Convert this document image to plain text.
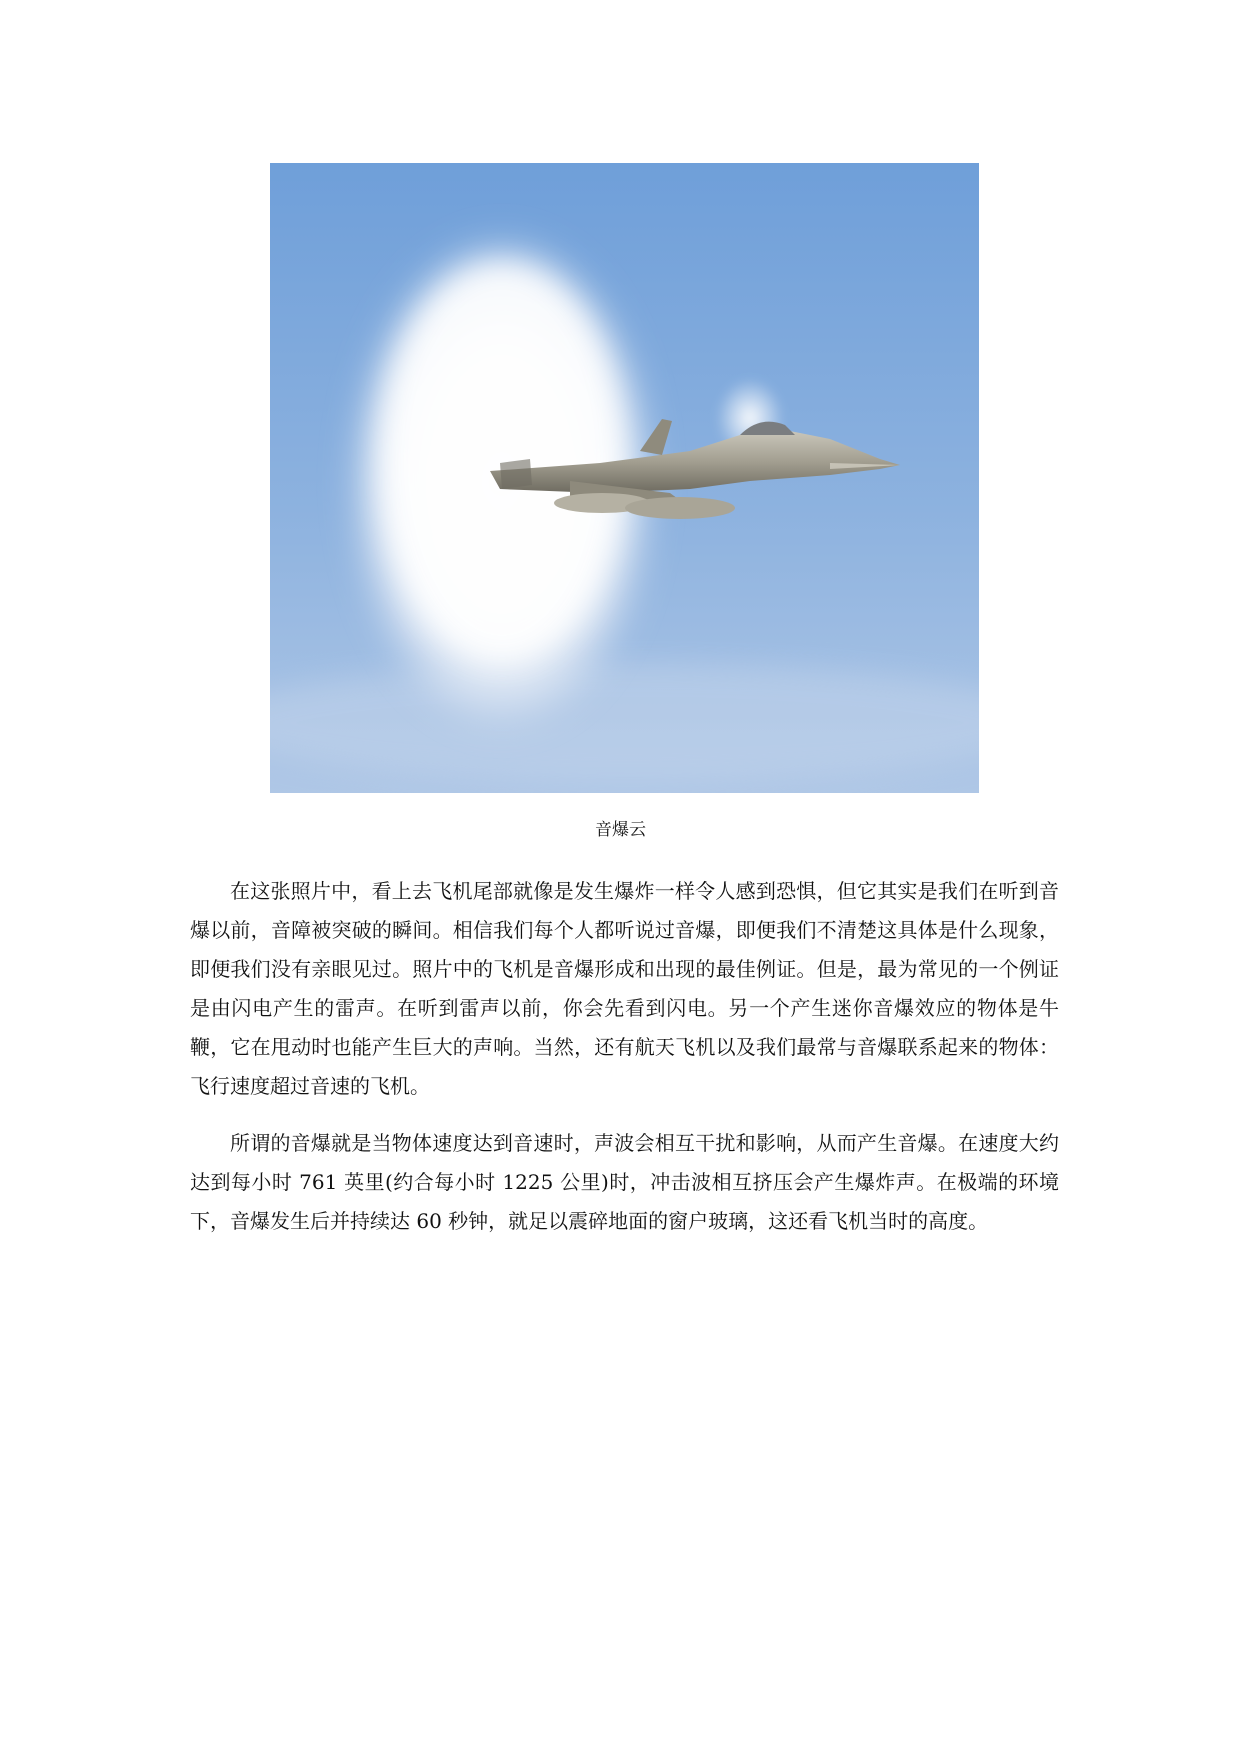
音爆云

在这张照片中，看上去飞机尾部就像是发生爆炸一样令人感到恐惧，但它其实是我们在听到音爆以前，音障被突破的瞬间。相信我们每个人都听说过音爆，即便我们不清楚这具体是什么现象，即便我们没有亲眼见过。照片中的飞机是音爆形成和出现的最佳例证。但是，最为常见的一个例证是由闪电产生的雷声。在听到雷声以前，你会先看到闪电。另一个产生迷你音爆效应的物体是牛鞭，它在甩动时也能产生巨大的声响。当然，还有航天飞机以及我们最常与音爆联系起来的物体：飞行速度超过音速的飞机。

所谓的音爆就是当物体速度达到音速时，声波会相互干扰和影响，从而产生音爆。在速度大约达到每小时 761 英里(约合每小时 1225 公里)时，冲击波相互挤压会产生爆炸声。在极端的环境下，音爆发生后并持续达 60 秒钟，就足以震碎地面的窗户玻璃，这还看飞机当时的高度。
